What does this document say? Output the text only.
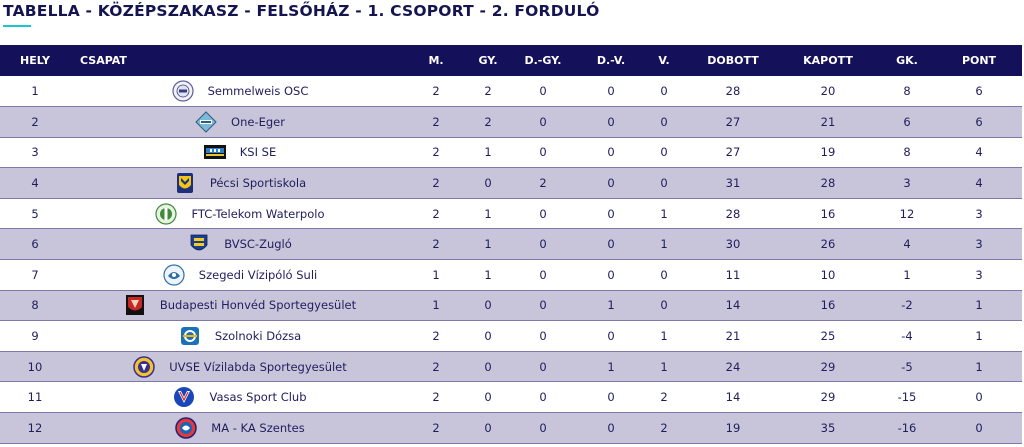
TABELLA - KÖZÉPSZAKASZ - FELSŐHÁZ - 1. CSOPORT - 2. FORDULÓ
HELY	CSAPAT	M.	GY.	D.-GY.	D.-V.	V.	DOBOTT	KAPOTT	GK.	PONT
1	Semmelweis OSC	2	2	0	0	0	28	20	8	6
2	One-Eger	2	2	0	0	0	27	21	6	6
3	KSI SE	2	1	0	0	0	27	19	8	4
4	Pécsi Sportiskola	2	0	2	0	0	31	28	3	4
5	FTC-Telekom Waterpolo	2	1	0	0	1	28	16	12	3
6	BVSC-Zugló	2	1	0	0	1	30	26	4	3
7	Szegedi Vízipóló Suli	1	1	0	0	0	11	10	1	3
8	Budapesti Honvéd Sportegyesület	1	0	0	1	0	14	16	-2	1
9	Szolnoki Dózsa	2	0	0	0	1	21	25	-4	1
10	UVSE Vízilabda Sportegyesület	2	0	0	1	1	24	29	-5	1
11	Vasas Sport Club	2	0	0	0	2	14	29	-15	0
12	MA - KA Szentes	2	0	0	0	2	19	35	-16	0
